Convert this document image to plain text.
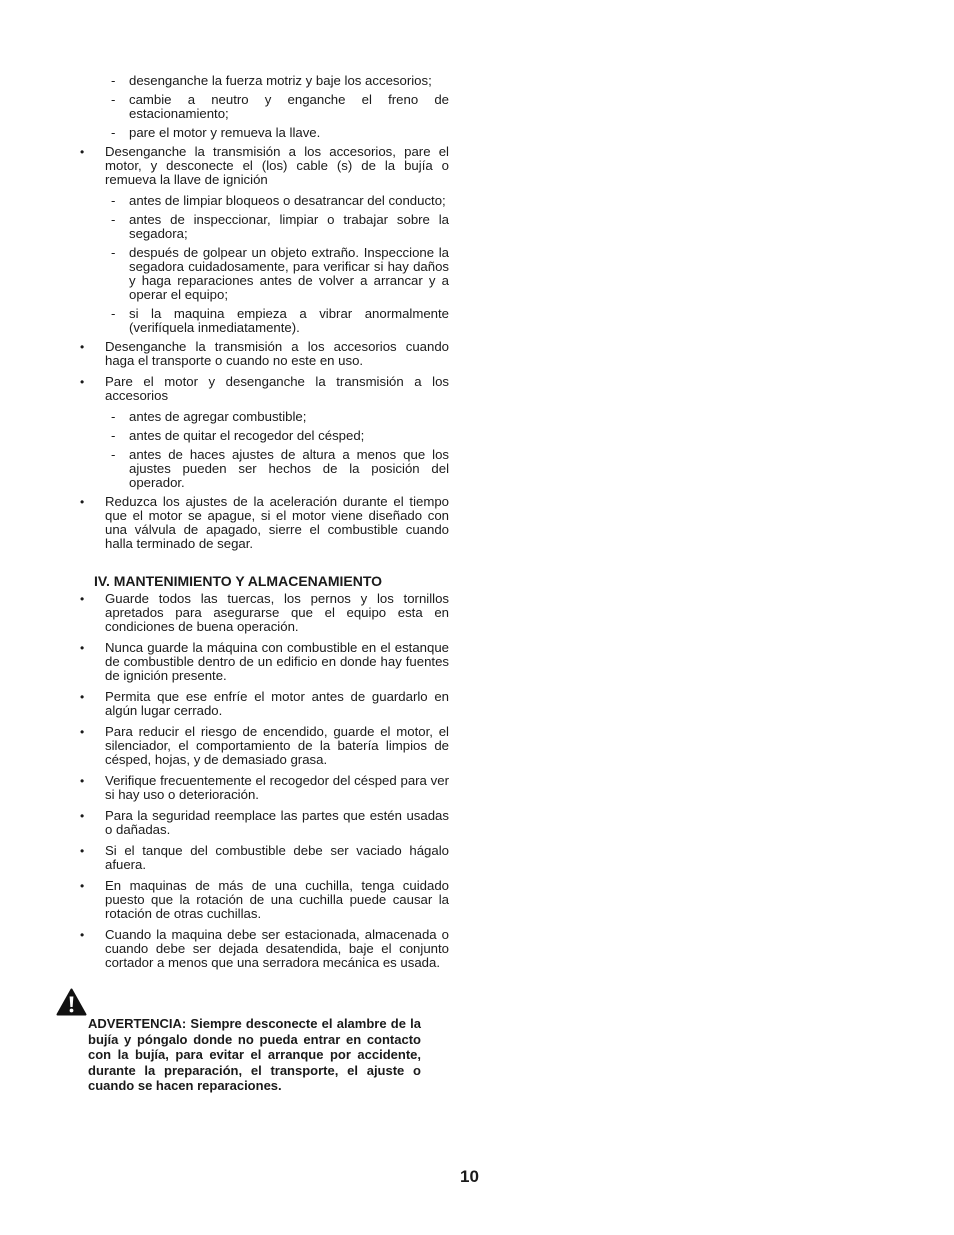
- desenganche la fuerza motriz y baje los accesorios;
- cambie a neutro y enganche el freno de estacionamiento;
- pare el motor y remueva la llave.
• Desenganche la transmisión a los accesorios, pare el motor, y desconecte el (los) cable (s) de la bujía o remueva la llave de ignición
- antes de limpiar bloqueos o desatrancar del conducto;
- antes de inspeccionar, limpiar o trabajar sobre la segadora;
- después de golpear un objeto extraño. Inspeccione la segadora cuidadosamente, para verificar si hay daños y haga reparaciones antes de volver a arrancar y a operar el equipo;
- si la maquina empieza a vibrar anormalmente (verifíquela inmediatamente).
• Desenganche la transmisión a los accesorios cuando haga el transporte o cuando no este en uso.
• Pare el motor y desenganche la transmisión a los accesorios
- antes de agregar combustible;
- antes de quitar el recogedor del césped;
- antes de haces ajustes de altura a menos que los ajustes pueden ser hechos de la posición del operador.
• Reduzca los ajustes de la aceleración durante el tiempo que el motor se apague, si el motor viene diseñado con una válvula de apagado, sierre el combustible cuando halla terminado de segar.
IV. MANTENIMIENTO Y ALMACENAMIENTO
• Guarde todos las tuercas, los pernos y los tornillos apretados para asegurarse que el equipo esta en condiciones de buena operación.
• Nunca guarde la máquina con combustible en el estanque de combustible dentro de un edificio en donde hay fuentes de ignición presente.
• Permita que ese enfríe el motor antes de guardarlo en algún lugar cerrado.
• Para reducir el riesgo de encendido, guarde el motor, el silenciador, el comportamiento de la batería limpios de césped, hojas, y de demasiado grasa.
• Verifique frecuentemente el recogedor del césped para ver si hay uso o deterioración.
• Para la seguridad reemplace las partes que estén usadas o dañadas.
• Si el tanque del combustible debe ser vaciado hágalo afuera.
• En maquinas de más de una cuchilla, tenga cuidado puesto que la rotación de una cuchilla puede causar la rotación de otras cuchillas.
• Cuando la maquina debe ser estacionada, almacenada o cuando debe ser dejada desatendida, baje el conjunto cortador a menos que una serradora mecánica es usada.
ADVERTENCIA: Siempre desconecte el alambre de la bujía y póngalo donde no pueda entrar en contacto con la bujía, para evitar el arranque por accidente, durante la preparación, el transporte, el ajuste o cuando se hacen reparaciones.
10
